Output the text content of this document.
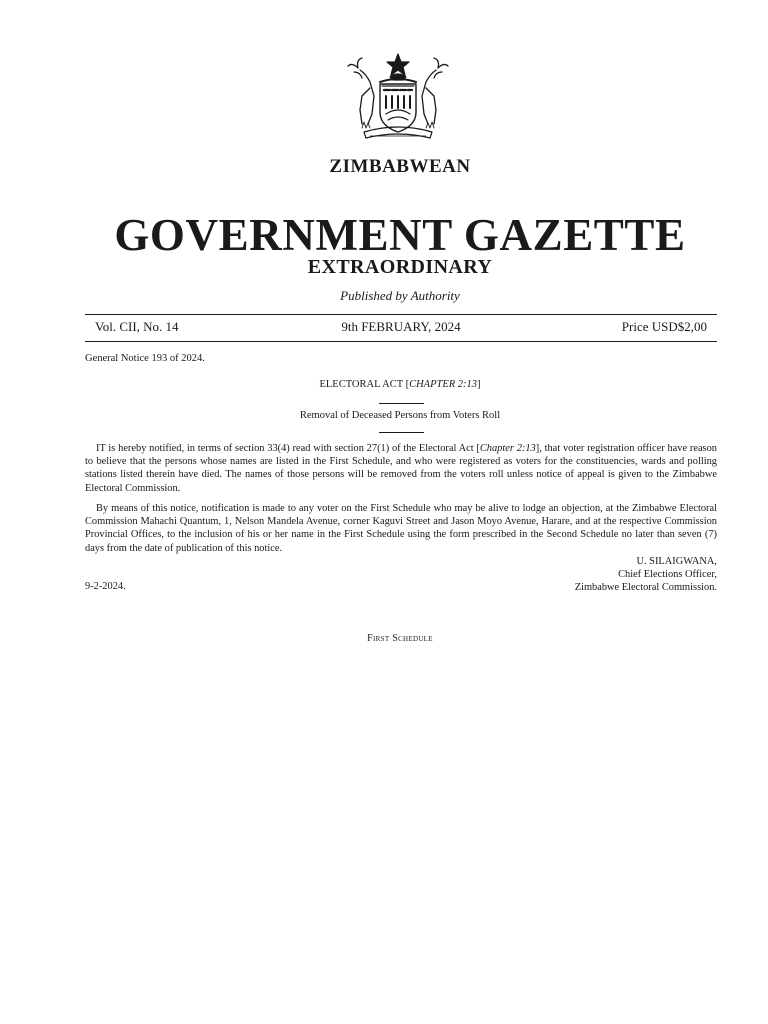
ZIMBABWEAN
GOVERNMENT GAZETTE
EXTRAORDINARY
Published by Authority
Vol. CII, No. 14	9th FEBRUARY, 2024	Price USD$2,00
General Notice 193 of 2024.
ELECTORAL ACT [CHAPTER 2:13]
Removal of Deceased Persons from Voters Roll

IT is hereby notified, in terms of section 33(4) read with section 27(1) of the Electoral Act [Chapter 2:13], that voter registration officer have reason to believe that the persons whose names are listed in the First Schedule, and who were registered as voters for the constituencies, wards and polling stations listed therein have died. The names of those persons will be removed from the voters roll unless notice of appeal is given to the Zimbabwe Electoral Commission.

By means of this notice, notification is made to any voter on the First Schedule who may be alive to lodge an objection, at the Zimbabwe Electoral Commission Mahachi Quantum, 1, Nelson Mandela Avenue, corner Kaguvi Street and Jason Moyo Avenue, Harare, and at the respective Commission Provincial Offices, to the inclusion of his or her name in the First Schedule using the form prescribed in the Second Schedule no later than seven (7) days from the date of publication of this notice.

U. SILAIGWANA,
Chief Elections Officer,
Zimbabwe Electoral Commission.
9-2-2024.
First Schedule
